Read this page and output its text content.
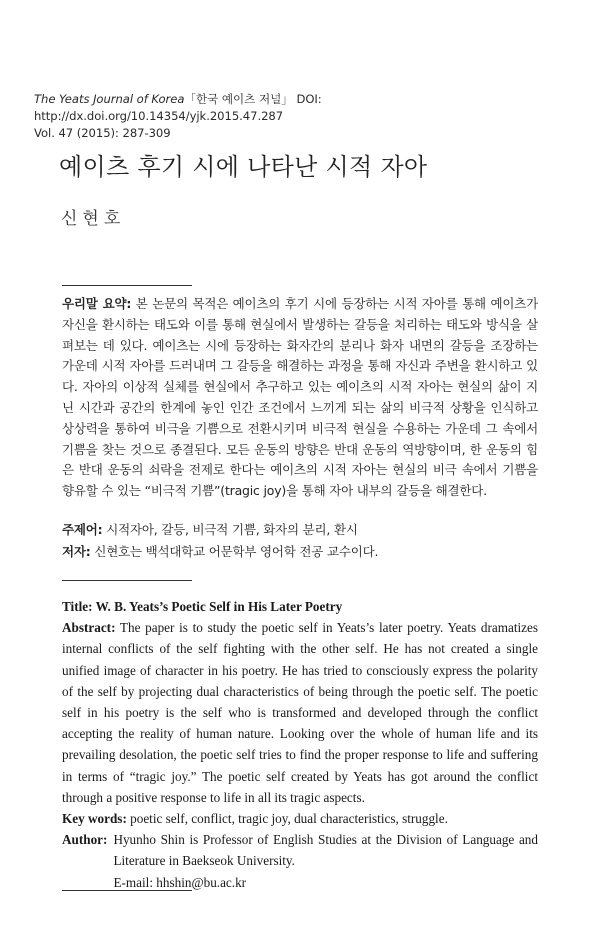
The Yeats Journal of Korea「한국 예이츠 저널」 DOI: http://dx.doi.org/10.14354/yjk.2015.47.287
Vol. 47 (2015): 287-309
예이츠 후기 시에 나타난 시적 자아
신현호

우리말 요약: 본 논문의 목적은 예이츠의 후기 시에 등장하는 시적 자아를 통해 예이츠가 자신을 환시하는 태도와 이를 통해 현실에서 발생하는 갈등을 처리하는 태도와 방식을 살펴보는 데 있다. 예이츠는 시에 등장하는 화자간의 분리나 화자 내면의 갈등을 조장하는 가운데 시적 자아를 드러내며 그 갈등을 해결하는 과정을 통해 자신과 주변을 환시하고 있다. 자아의 이상적 실체를 현실에서 추구하고 있는 예이츠의 시적 자아는 현실의 삶이 지닌 시간과 공간의 한계에 놓인 인간 조건에서 느끼게 되는 삶의 비극적 상황을 인식하고 상상력을 통하여 비극을 기쁨으로 전환시키며 비극적 현실을 수용하는 가운데 그 속에서 기쁨을 찾는 것으로 종결된다. 모든 운동의 방향은 반대 운동의 역방향이며, 한 운동의 힘은 반대 운동의 쇠락을 전제로 한다는 예이츠의 시적 자아는 현실의 비극 속에서 기쁨을 향유할 수 있는 “비극적 기쁨”(tragic joy)을 통해 자아 내부의 갈등을 해결한다.

주제어: 시적자아, 갈등, 비극적 기쁨, 화자의 분리, 환시

저자: 신현호는 백석대학교 어문학부 영어학 전공 교수이다.

Title: W. B. Yeats’s Poetic Self in His Later Poetry

Abstract: The paper is to study the poetic self in Yeats’s later poetry. Yeats dramatizes internal conflicts of the self fighting with the other self. He has not created a single unified image of character in his poetry. He has tried to consciously express the polarity of the self by projecting dual characteristics of being through the poetic self. The poetic self in his poetry is the self who is transformed and developed through the conflict accepting the reality of human nature. Looking over the whole of human life and its prevailing desolation, the poetic self tries to find the proper response to life and suffering in terms of “tragic joy.” The poetic self created by Yeats has got around the conflict through a positive response to life in all its tragic aspects.

Key words: poetic self, conflict, tragic joy, dual characteristics, struggle.

Author: Hyunho Shin is Professor of English Studies at the Division of Language and Literature in Baekseok University.
E-mail: hhshin@bu.ac.kr
